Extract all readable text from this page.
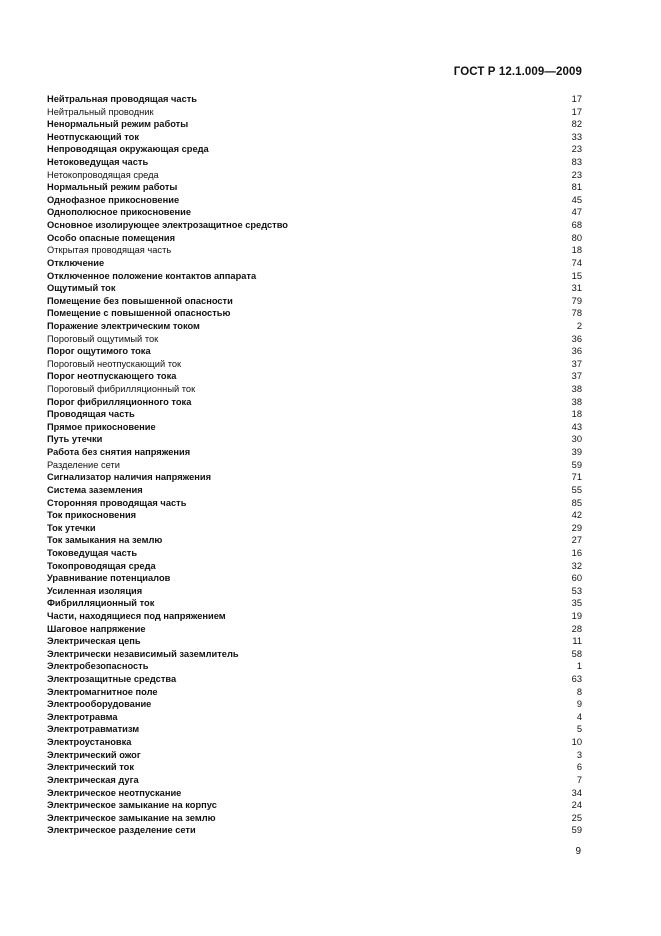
ГОСТ Р 12.1.009—2009

Нейтральная проводящая часть	17
Нейтральный проводник	17
Ненормальный режим работы	82
Неотпускающий ток	33
Непроводящая окружающая среда	23
Нетоковедущая часть	83
Нетокопроводящая среда	23
Нормальный режим работы	81
Однофазное прикосновение	45
Однополюсное прикосновение	47
Основное изолирующее электрозащитное средство	68
Особо опасные помещения	80
Открытая проводящая часть	18
Отключение	74
Отключенное положение контактов аппарата	15
Ощутимый ток	31
Помещение без повышенной опасности	79
Помещение с повышенной опасностью	78
Поражение электрическим током	2
Пороговый ощутимый ток	36
Порог ощутимого тока	36
Пороговый неотпускающий ток	37
Порог неотпускающего тока	37
Пороговый фибрилляционный ток	38
Порог фибрилляционного тока	38
Проводящая часть	18
Прямое прикосновение	43
Путь утечки	30
Работа без снятия напряжения	39
Разделение сети	59
Сигнализатор наличия напряжения	71
Система заземления	55
Сторонняя проводящая часть	85
Ток прикосновения	42
Ток утечки	29
Ток замыкания на землю	27
Токоведущая часть	16
Токопроводящая среда	32
Уравнивание потенциалов	60
Усиленная изоляция	53
Фибрилляционный ток	35
Части, находящиеся под напряжением	19
Шаговое напряжение	28
Электрическая цепь	11
Электрически независимый заземлитель	58
Электробезопасность	1
Электрозащитные средства	63
Электромагнитное поле	8
Электрооборудование	9
Электротравма	4
Электротравматизм	5
Электроустановка	10
Электрический ожог	3
Электрический ток	6
Электрическая дуга	7
Электрическое неотпускание	34
Электрическое замыкание на корпус	24
Электрическое замыкание на землю	25
Электрическое разделение сети	59

9
